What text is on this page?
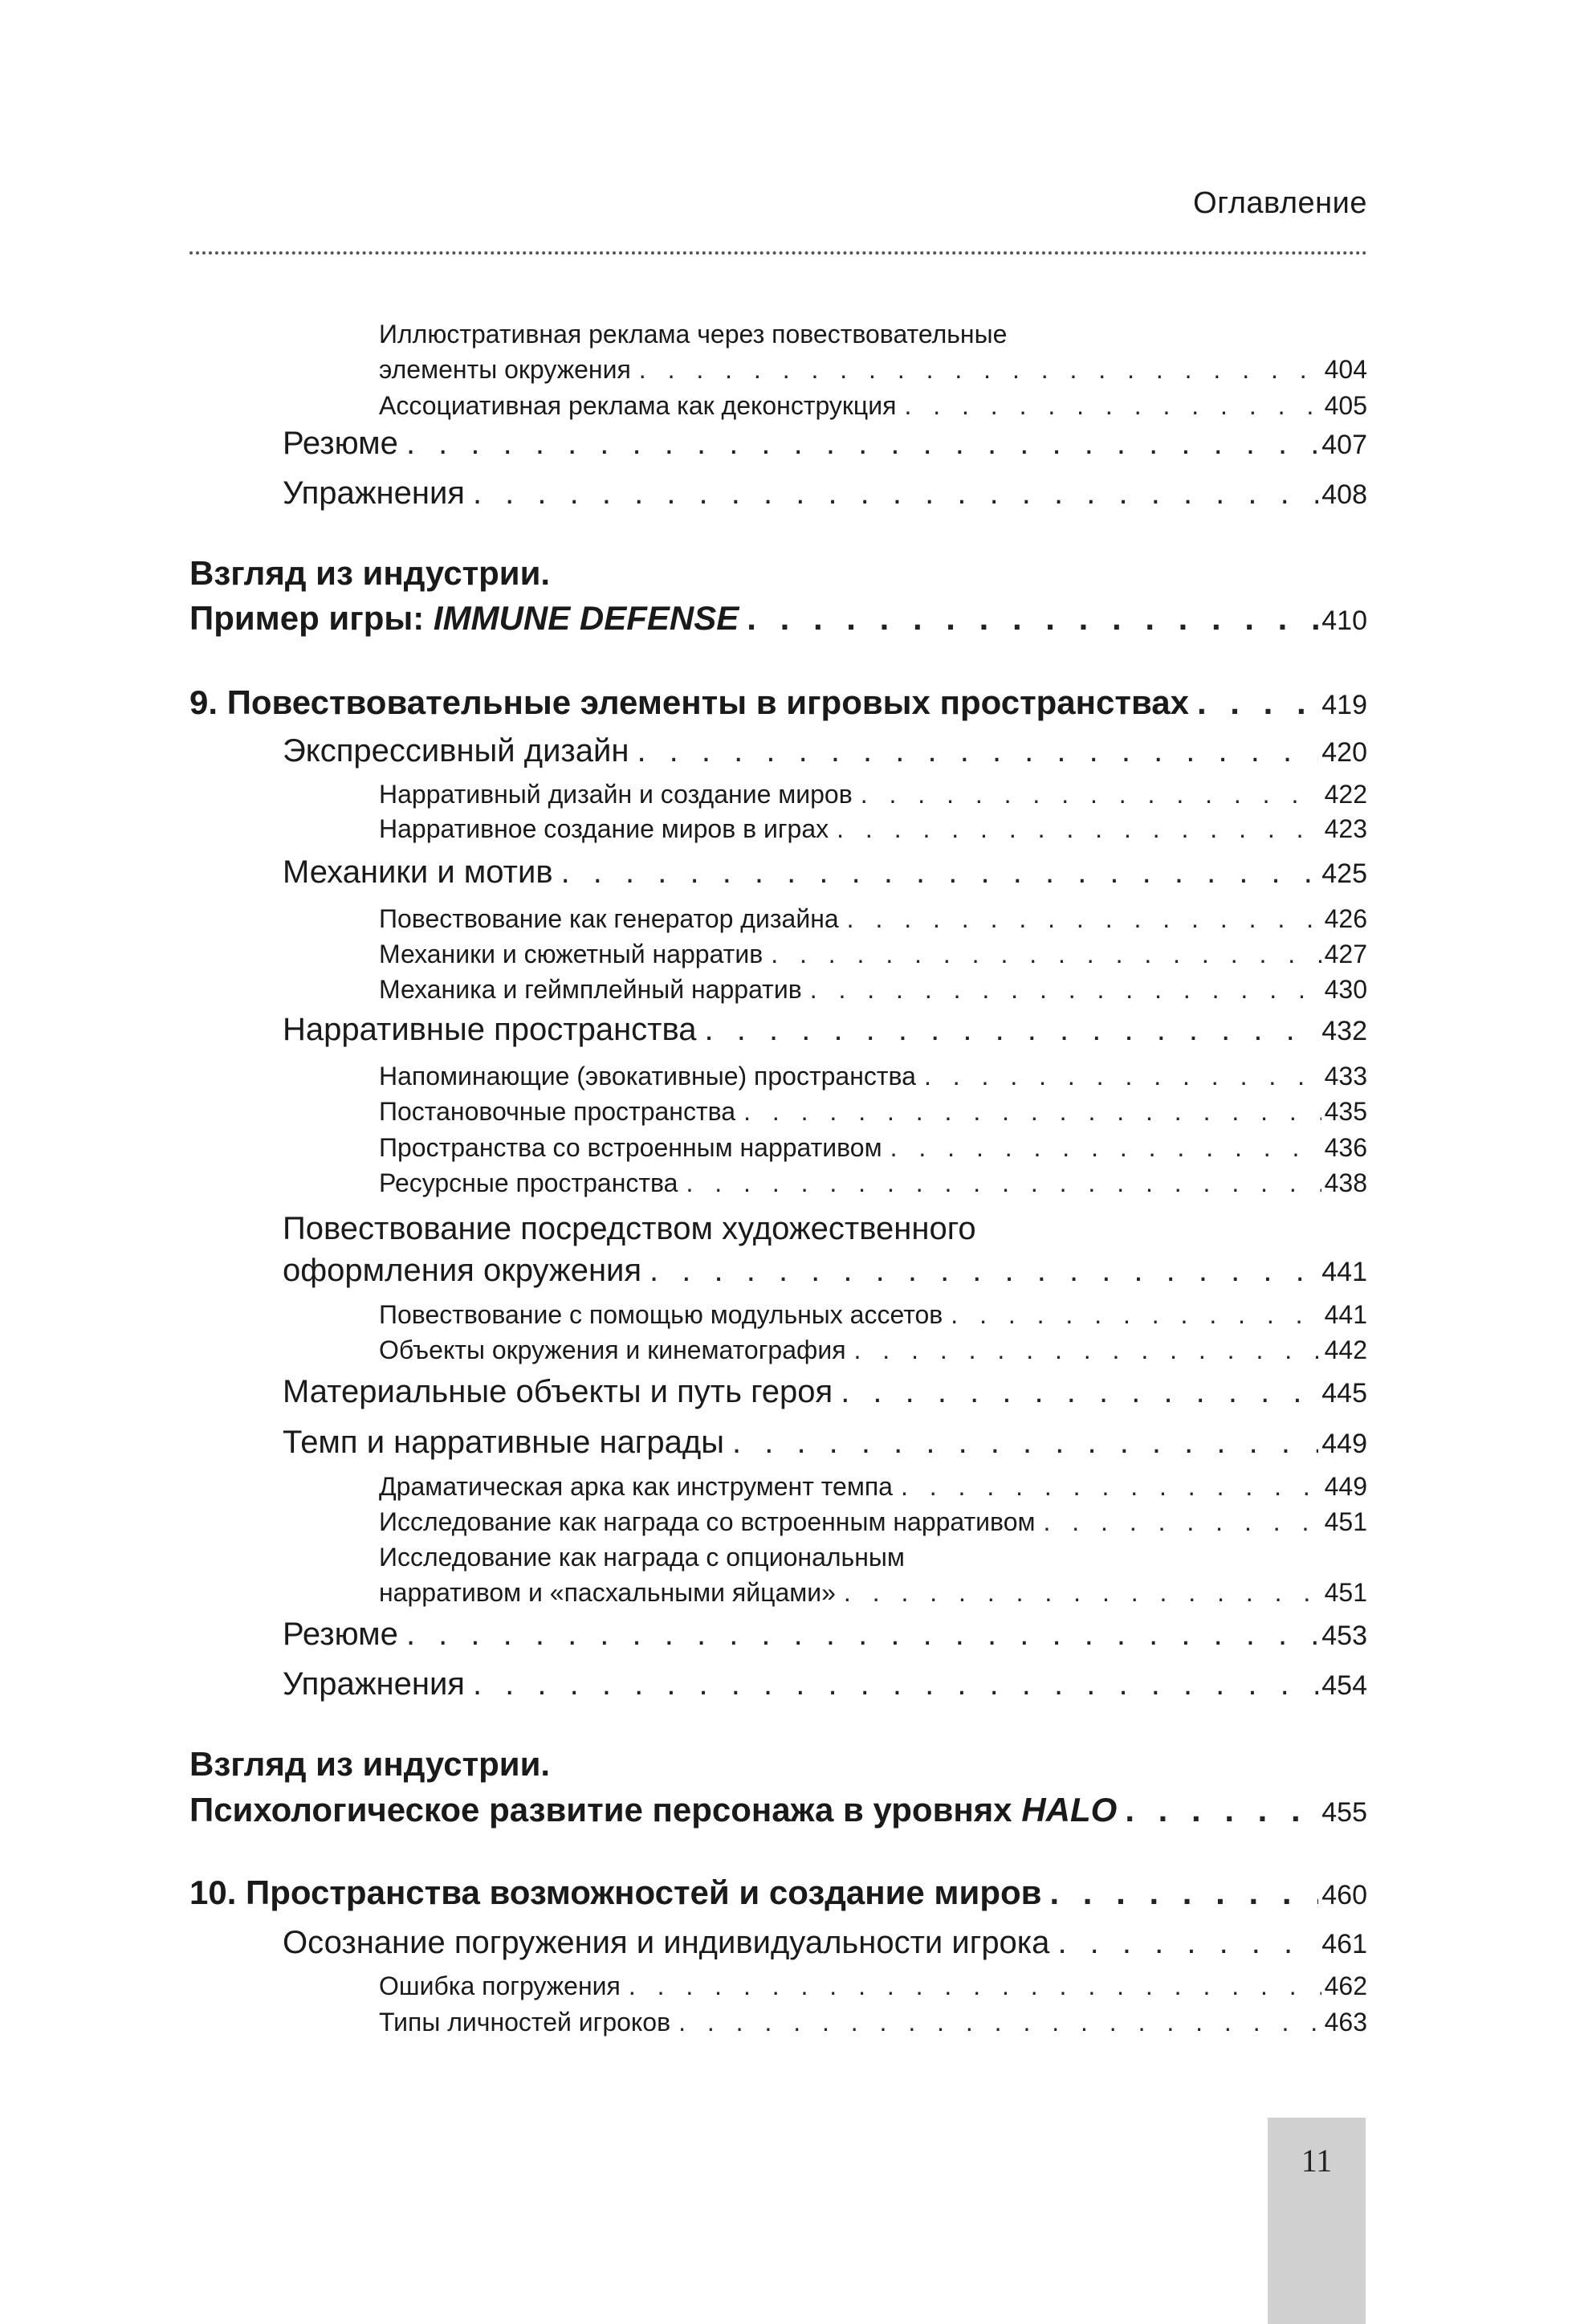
Оглавление
Иллюстративная реклама через повествовательные
элементы окружения . . .	404
Ассоциативная реклама как деконструкция . . .	405
Резюме . . .	407
Упражнения . . .	408
Взгляд из индустрии.
Пример игры: IMMUNE DEFENSE . . .	410
9. Повествовательные элементы в игровых пространствах . . .	419
Экспрессивный дизайн . . .	420
Нарративный дизайн и создание миров . . .	422
Нарративное создание миров в играх . . .	423
Механики и мотив . . .	425
Повествование как генератор дизайна . . .	426
Механики и сюжетный нарратив . . .	427
Механика и геймплейный нарратив . . .	430
Нарративные пространства . . .	432
Напоминающие (эвокативные) пространства . . .	433
Постановочные пространства . . .	435
Пространства со встроенным нарративом . . .	436
Ресурсные пространства . . .	438
Повествование посредством художественного
оформления окружения . . .	441
Повествование с помощью модульных ассетов . . .	441
Объекты окружения и кинематография . . .	442
Материальные объекты и путь героя . . .	445
Темп и нарративные награды . . .	449
Драматическая арка как инструмент темпа . . .	449
Исследование как награда со встроенным нарративом . . .	451
Исследование как награда с опциональным
нарративом и «пасхальными яйцами» . . .	451
Резюме . . .	453
Упражнения . . .	454
Взгляд из индустрии.
Психологическое развитие персонажа в уровнях HALO . . .	455
10. Пространства возможностей и создание миров . . .	460
Осознание погружения и индивидуальности игрока . . .	461
Ошибка погружения . . .	462
Типы личностей игроков . . .	463
11
